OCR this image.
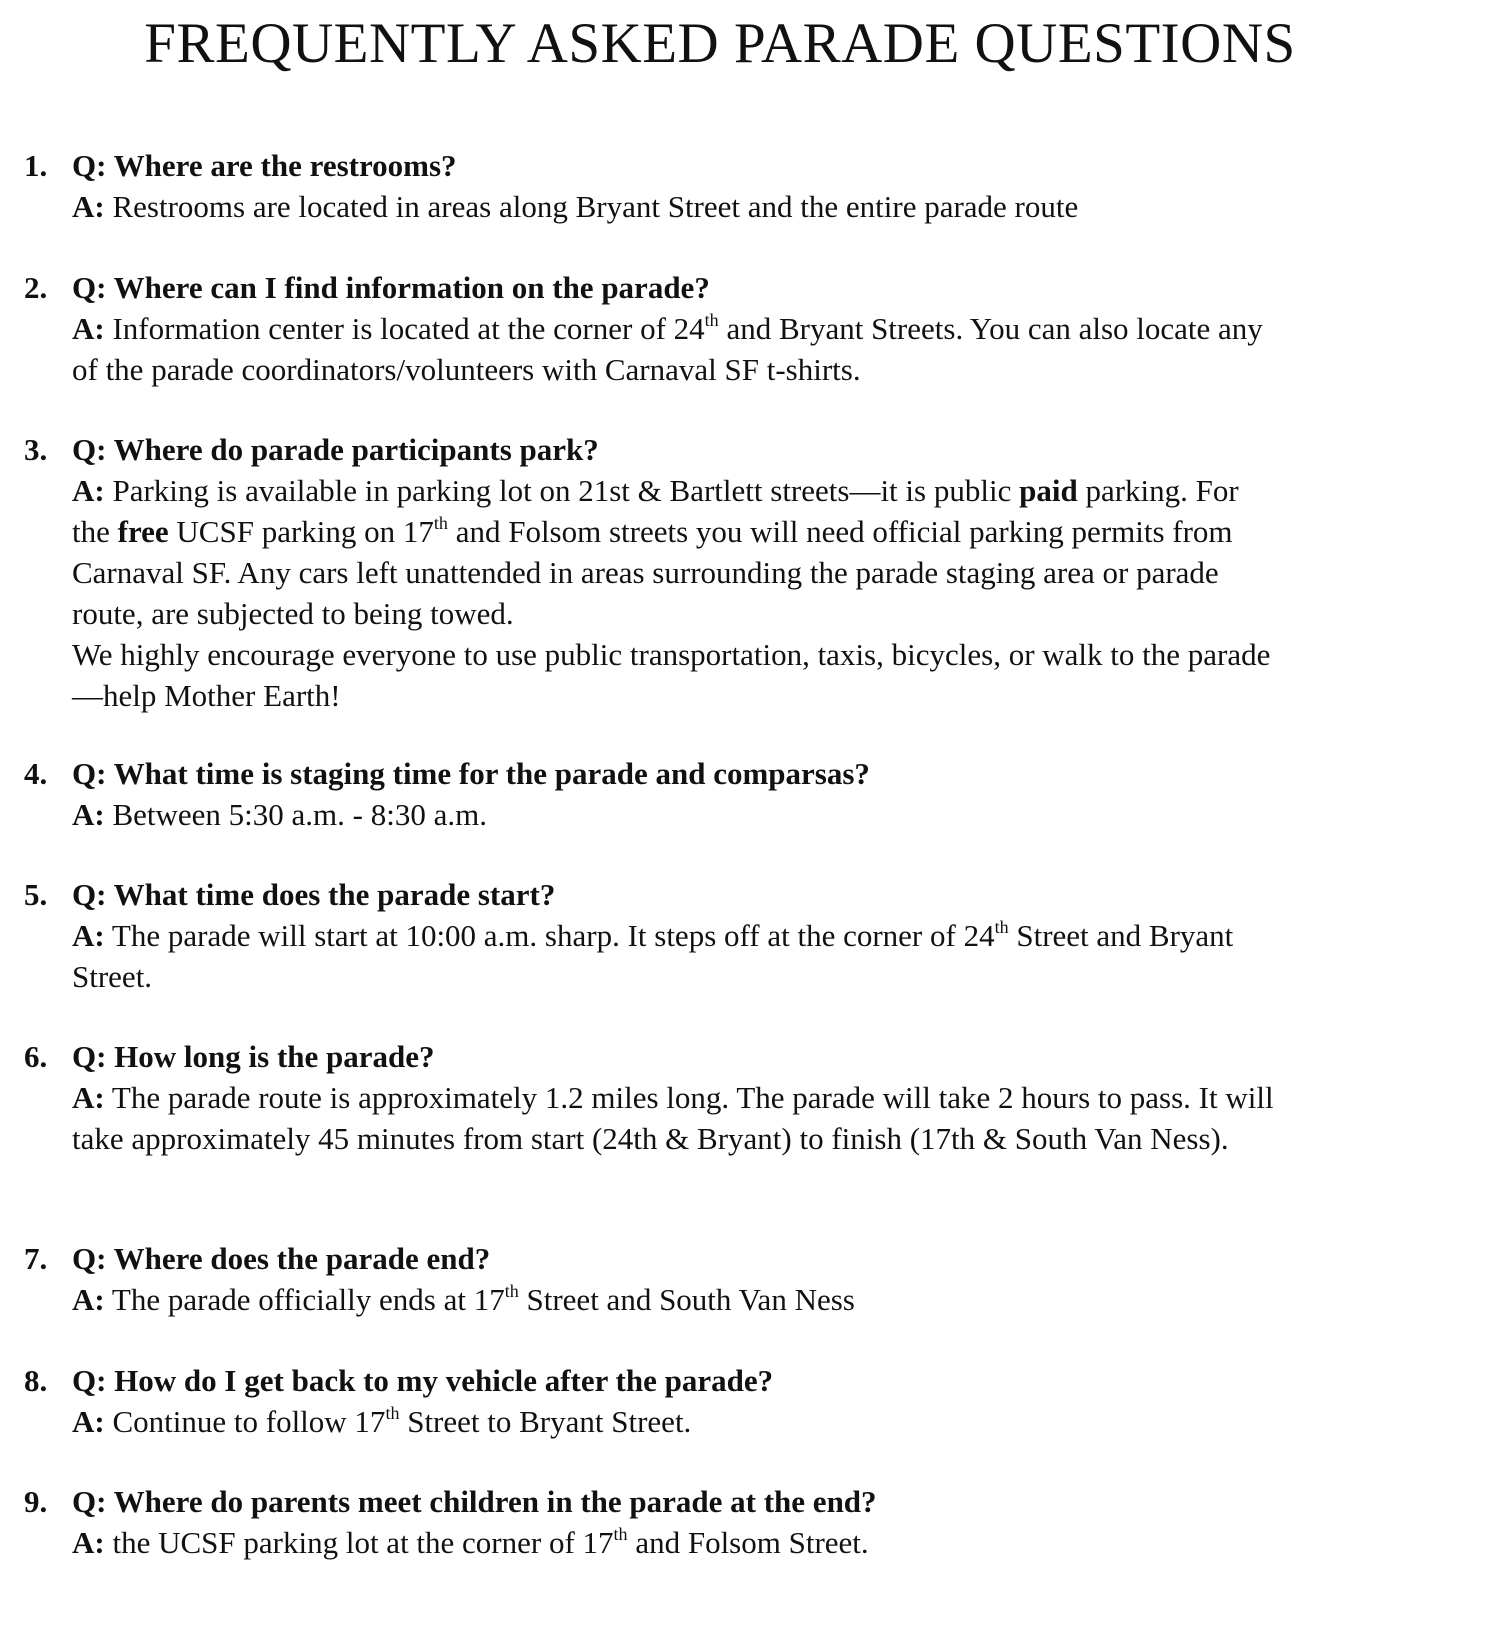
FREQUENTLY ASKED PARADE QUESTIONS
1. Q: Where are the restrooms?
A: Restrooms are located in areas along Bryant Street and the entire parade route
2. Q: Where can I find information on the parade?
A: Information center is located at the corner of 24th and Bryant Streets. You can also locate any of the parade coordinators/volunteers with Carnaval SF t-shirts.
3. Q: Where do parade participants park?
A: Parking is available in parking lot on 21st & Bartlett streets—it is public paid parking. For the free UCSF parking on 17th and Folsom streets you will need official parking permits from Carnaval SF. Any cars left unattended in areas surrounding the parade staging area or parade route, are subjected to being towed.
We highly encourage everyone to use public transportation, taxis, bicycles, or walk to the parade—help Mother Earth!
4. Q: What time is staging time for the parade and comparsas?
A: Between 5:30 a.m. - 8:30 a.m.
5. Q: What time does the parade start?
A: The parade will start at 10:00 a.m. sharp. It steps off at the corner of 24th Street and Bryant Street.
6. Q: How long is the parade?
A: The parade route is approximately 1.2 miles long. The parade will take 2 hours to pass. It will take approximately 45 minutes from start (24th & Bryant) to finish (17th & South Van Ness).
7. Q: Where does the parade end?
A: The parade officially ends at 17th Street and South Van Ness
8. Q: How do I get back to my vehicle after the parade?
A: Continue to follow 17th Street to Bryant Street.
9. Q: Where do parents meet children in the parade at the end?
A: the UCSF parking lot at the corner of 17th and Folsom Street.
